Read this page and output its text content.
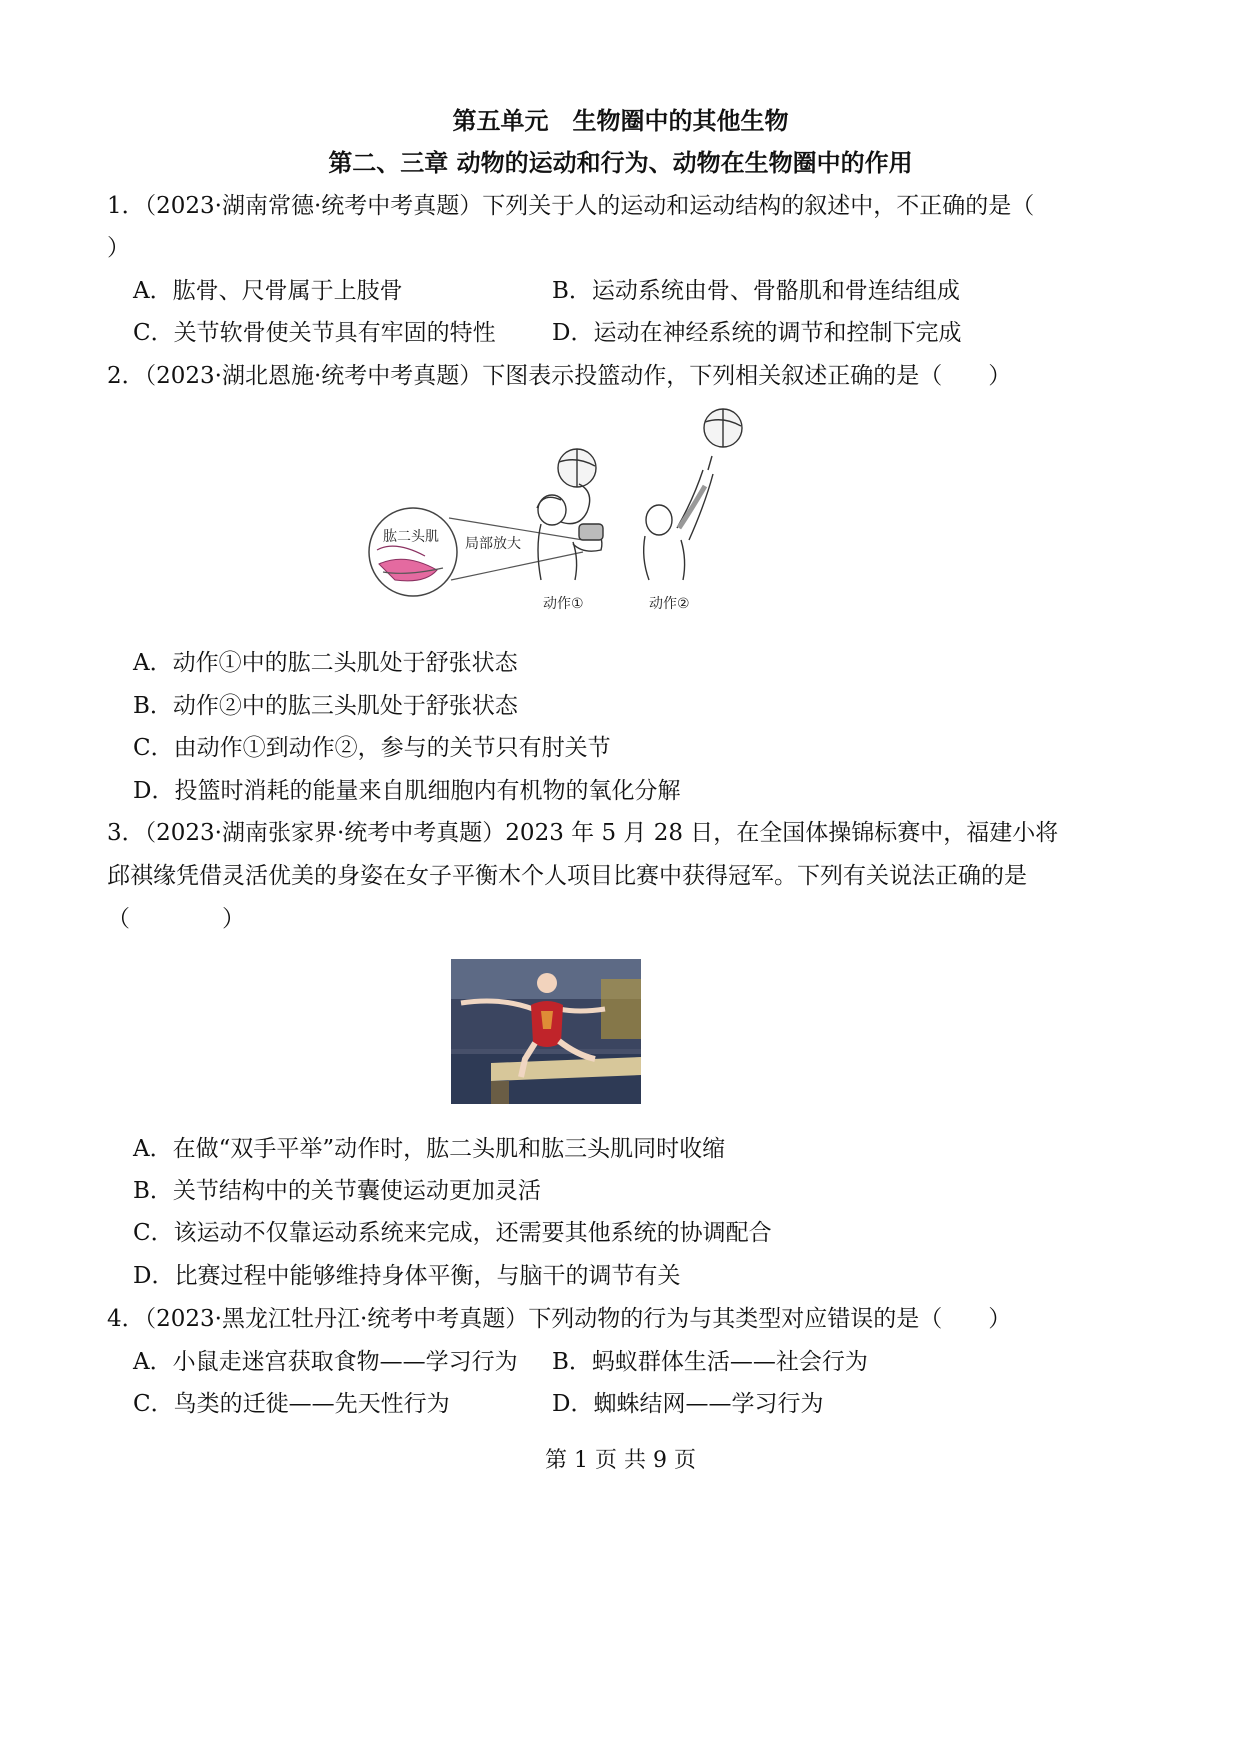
第五单元　生物圈中的其他生物
第二、三章 动物的运动和行为、动物在生物圈中的作用
1．（2023·湖南常德·统考中考真题）下列关于人的运动和运动结构的叙述中，不正确的是（
）
A．肱骨、尺骨属于上肢骨	B．运动系统由骨、骨骼肌和骨连结组成
C．关节软骨使关节具有牢固的特性 D．运动在神经系统的调节和控制下完成
2．（2023·湖北恩施·统考中考真题）下图表示投篮动作，下列相关叙述正确的是（　　）
肱二头肌 局部放大
动作①	动作②
A．动作①中的肱二头肌处于舒张状态
B．动作②中的肱三头肌处于舒张状态
C．由动作①到动作②，参与的关节只有肘关节
D．投篮时消耗的能量来自肌细胞内有机物的氧化分解
3．（2023·湖南张家界·统考中考真题）2023 年 5 月 28 日，在全国体操锦标赛中，福建小将
邱祺缘凭借灵活优美的身姿在女子平衡木个人项目比赛中获得冠军。下列有关说法正确的是
（　　　　）
A．在做“双手平举”动作时，肱二头肌和肱三头肌同时收缩
B．关节结构中的关节囊使运动更加灵活
C．该运动不仅靠运动系统来完成，还需要其他系统的协调配合
D．比赛过程中能够维持身体平衡，与脑干的调节有关
4．（2023·黑龙江牡丹江·统考中考真题）下列动物的行为与其类型对应错误的是（　　）
A．小鼠走迷宫获取食物——学习行为 B．蚂蚁群体生活——社会行为
C．鸟类的迁徙——先天性行为	D．蜘蛛结网——学习行为
第 1 页 共 9 页
